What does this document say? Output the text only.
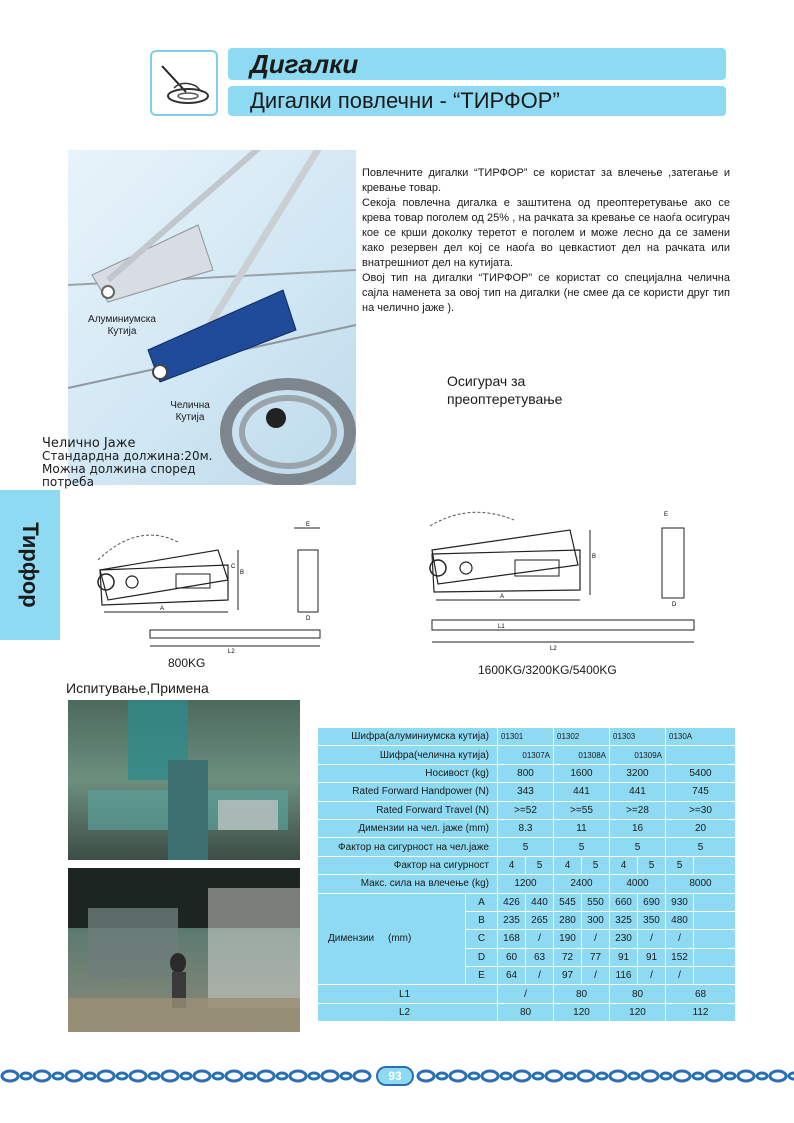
Дигалки
Дигалки повлечни - “ТИРФОР”
Алуминиумска
Кутија
Челична
Кутија
Челично Јаже
Стандардна должина:20м.
Можна должина според
потреба

Повлечните дигалки “ТИРФОР” се користат за влечење ,затегање и кревање товар.

Секоја повлечна дигалка е заштитена од преоптеретување ако се крева товар поголем од 25% , на рачката за кревање се наоѓа осигурач кое се крши доколку теретот е поголем и може лесно да се замени како резервен дел кој се наоѓа во цевкастиот дел на рачката или внатрешниот дел на кутијата.

Овој тип на дигалки “ТИРФОР” се користат со специјална челична сајла наменета за овој тип на дигалки (не смее да се користи друг тип на челично јаже ).

Осигурач за
преоптеретување
Тирфор
A
B
C
E
D
L2
800KG
A
B
E
D
L1
L2
1600KG/3200KG/5400KG
Испитување,Примена
Шифра(алуминиумска кутија)		01301		01302		01303		0130A	
Шифра(челична кутија)		01307A		01308A		01309A			
Носивост (kg)		800		1600		3200		5400	
Rated Forward Handpower (N)		343		441		441		745	
Rated Forward Travel (N)		>=52		>=55		>=28		>=30	
Димензии на чел. јаже (mm)		8.3		11		16		20	
Фактор на сигурност на чел.јаже		5		5		5		5	
Фактор на сигурност		4	5	4	5	4	5	5	
Макс. сила на влечење (kg)		1200		2400		4000		8000	
Димензии (mm)	A	426	440	545	550	660	690	930	
	B	235	265	280	300	325	350	480	
	C	168	/	190	/	230	/	/	
	D	60	63	72	77	91	91	152	
	E	64	/	97	/	116	/	/	
L1		/		80		80		68	
L2		80		120		120		112	
93
